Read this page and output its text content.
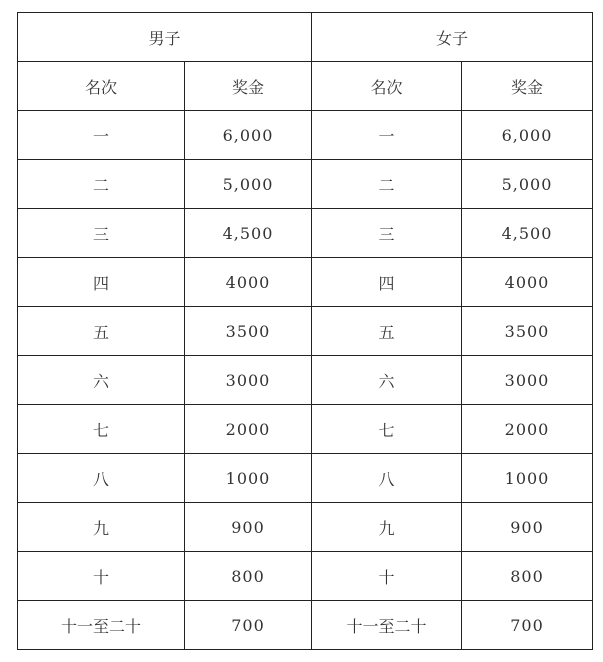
男子		女子	
名次	奖金	名次	奖金
一	6,000	一	6,000
二	5,000	二	5,000
三	4,500	三	4,500
四	4000	四	4000
五	3500	五	3500
六	3000	六	3000
七	2000	七	2000
八	1000	八	1000
九	900	九	900
十	800	十	800
十一至二十	700	十一至二十	700
